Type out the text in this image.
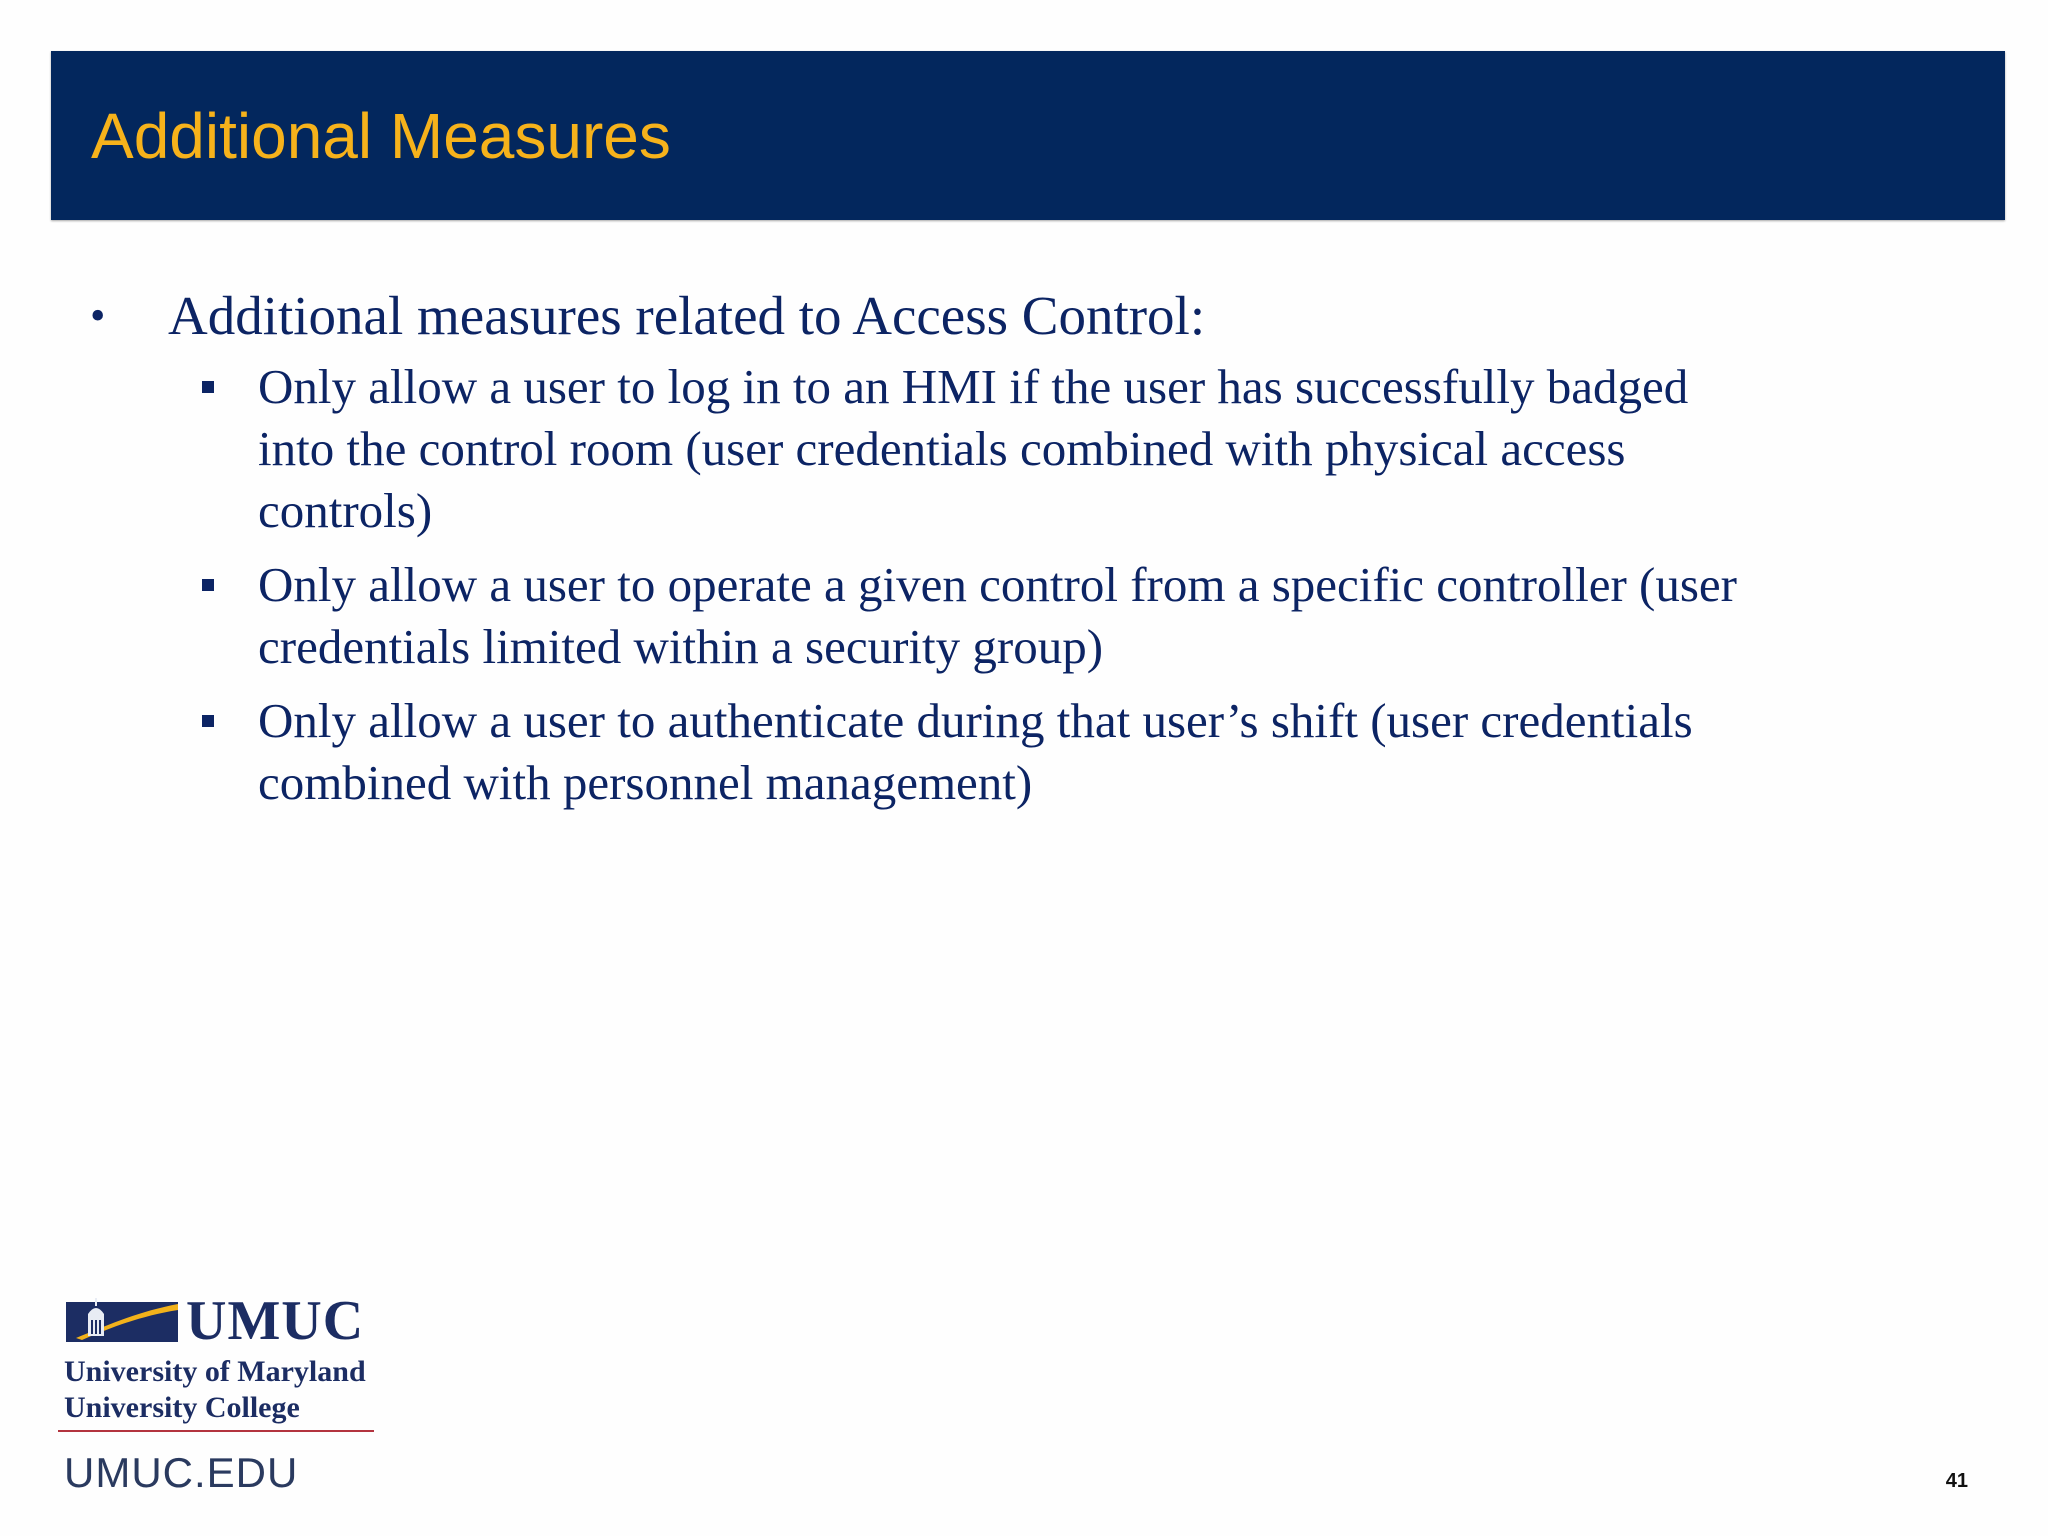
Additional Measures
• Additional measures related to Access Control:
Only allow a user to log in to an HMI if the user has successfully badged into the control room (user credentials combined with physical access controls)
Only allow a user to operate a given control from a specific controller (user credentials limited within a security group)
Only allow a user to authenticate during that user’s shift (user credentials combined with personnel management)

UMUC

University of Maryland

University College

UMUC.EDU	41
